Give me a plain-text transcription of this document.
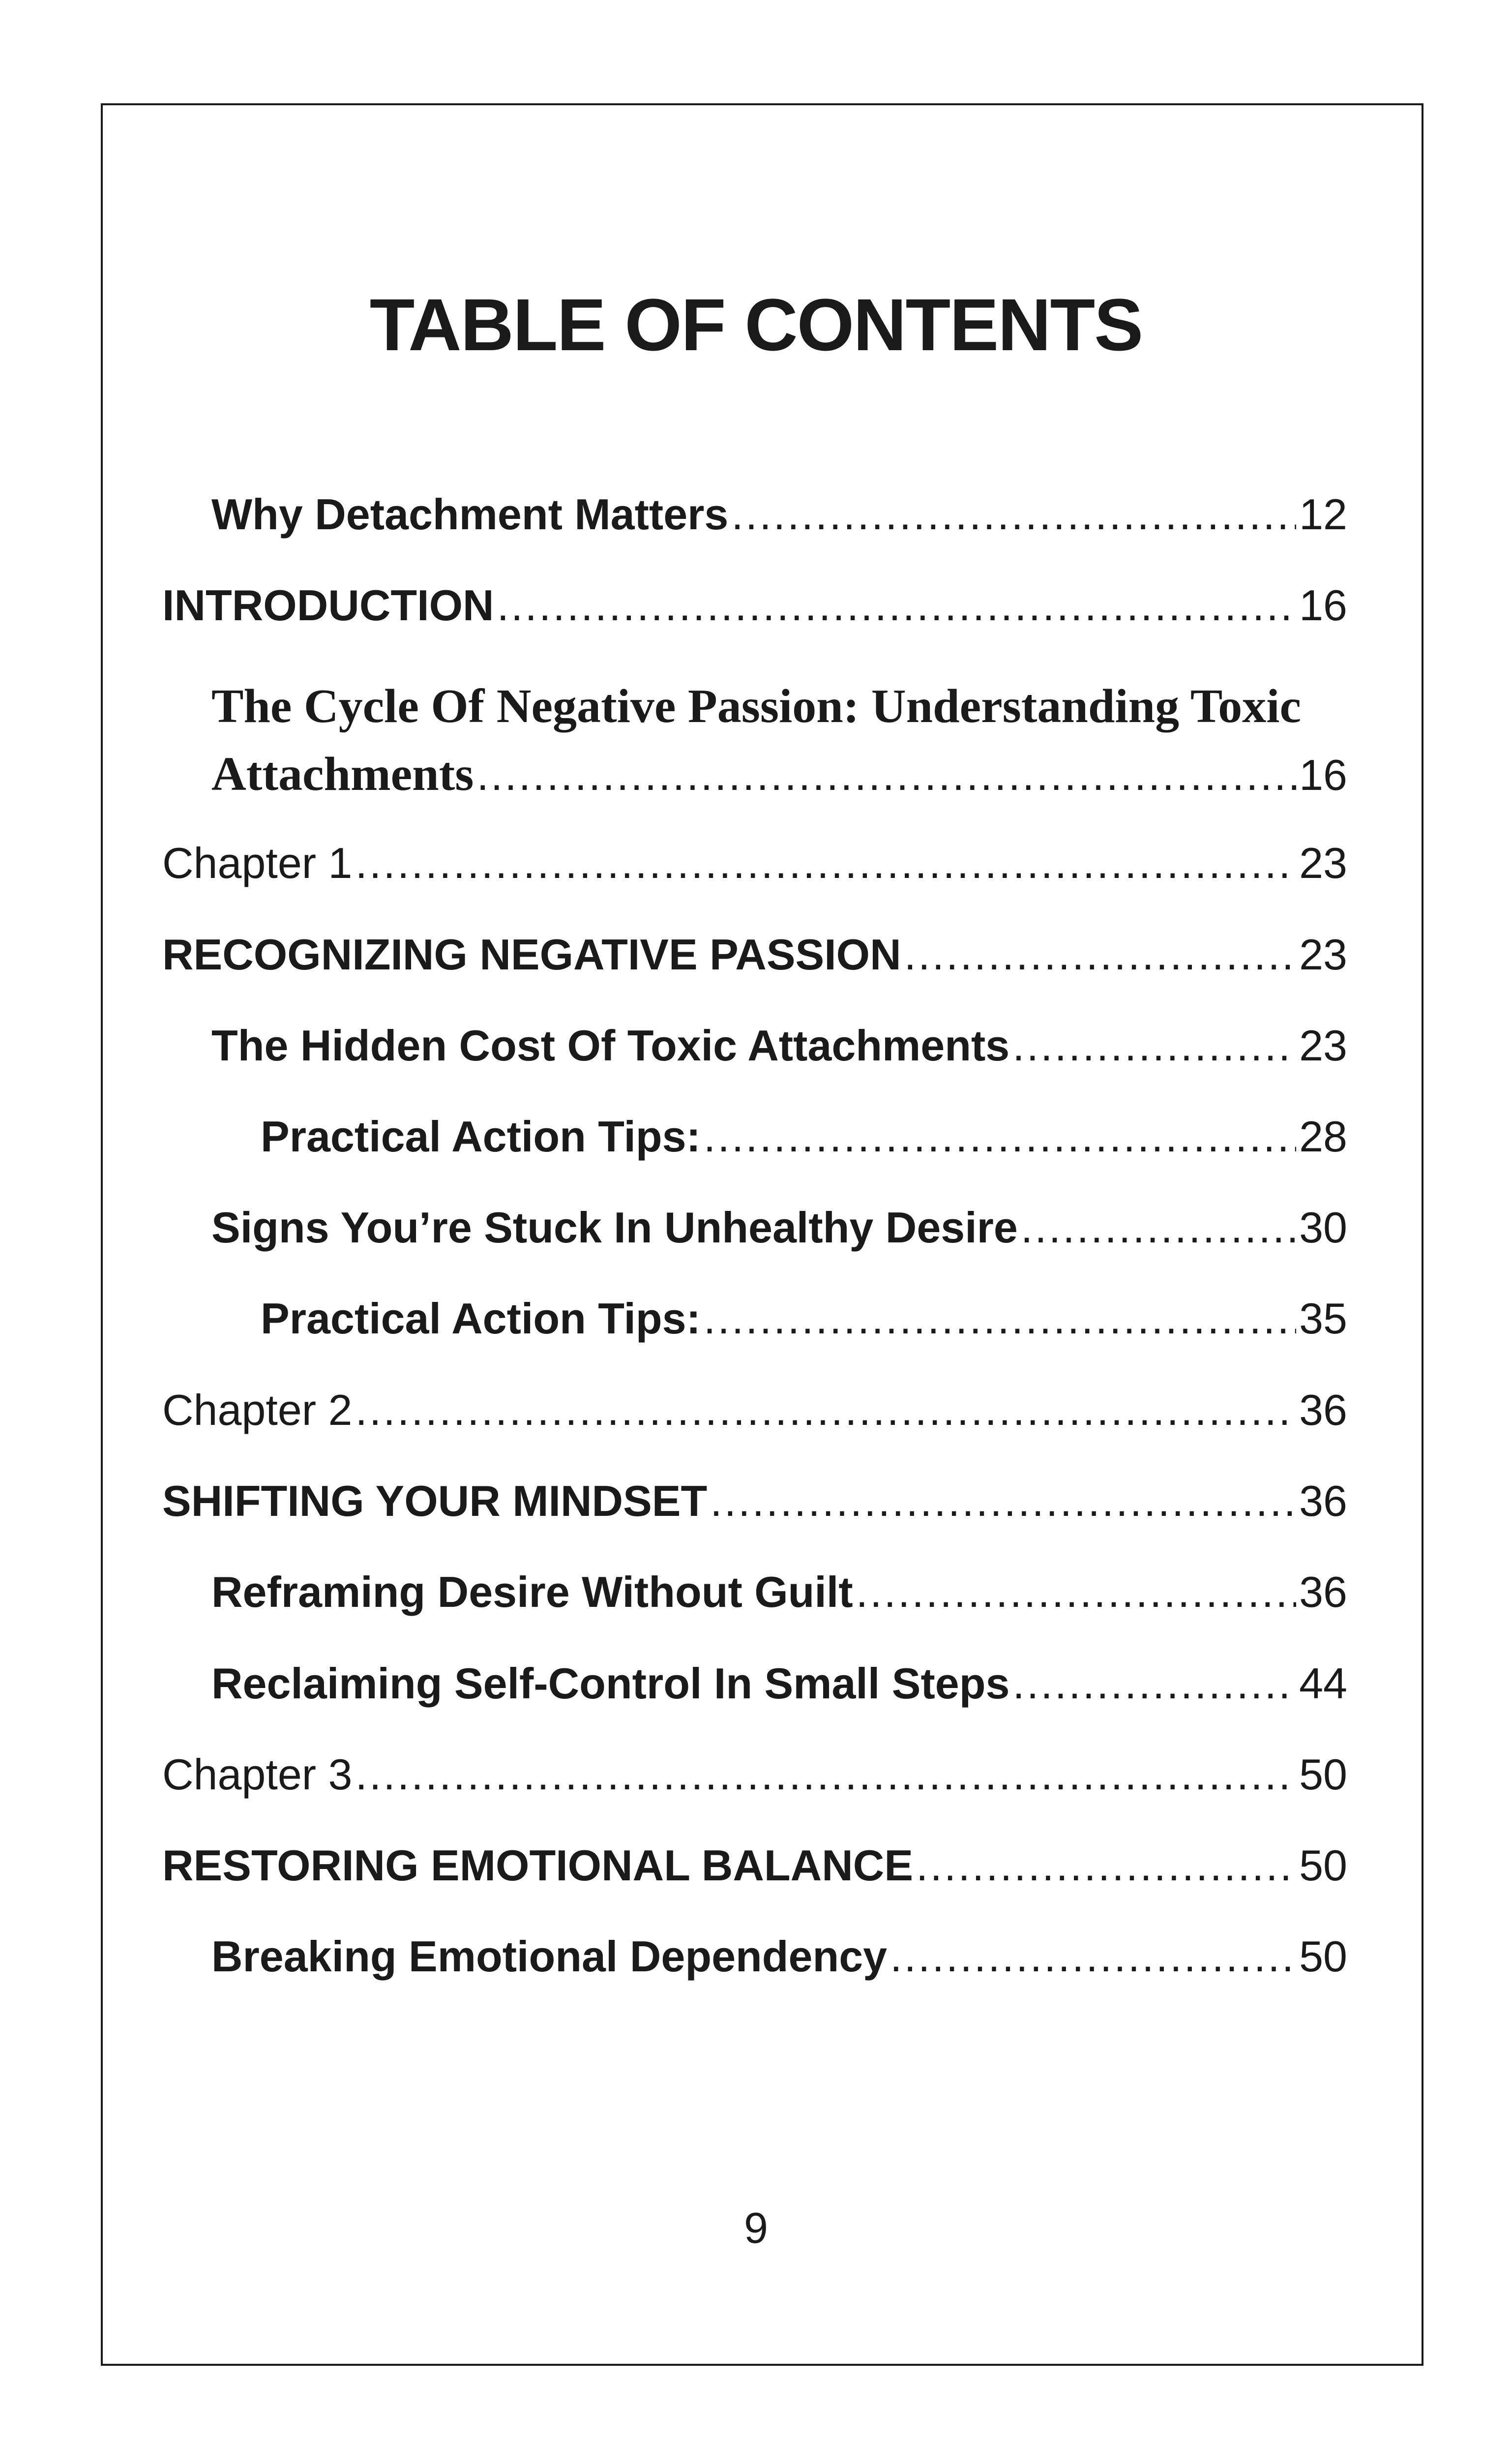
TABLE OF CONTENTS
Why Detachment Matters .....	12
INTRODUCTION .....	16
The Cycle Of Negative Passion: Understanding Toxic
Attachments .....	16
Chapter 1 .....	23
RECOGNIZING NEGATIVE PASSION .....	23
The Hidden Cost Of Toxic Attachments .....	23
Practical Action Tips: .....	28
Signs You’re Stuck In Unhealthy Desire .....	30
Practical Action Tips: .....	35
Chapter 2 .....	36
SHIFTING YOUR MINDSET .....	36
Reframing Desire Without Guilt .....	36
Reclaiming Self-Control In Small Steps .....	44
Chapter 3 .....	50
RESTORING EMOTIONAL BALANCE .....	50
Breaking Emotional Dependency .....	50
9
